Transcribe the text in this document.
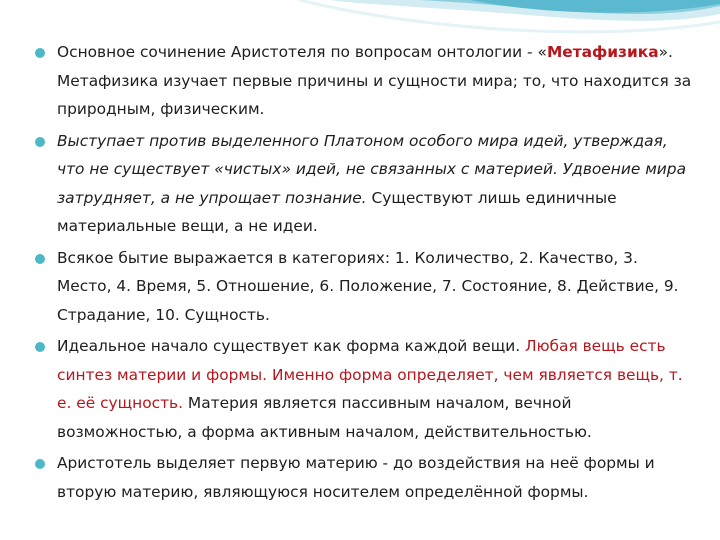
Основное сочинение Аристотеля по вопросам онтологии - «Метафизика». Метафизика изучает первые причины и сущности мира; то, что находится за природным, физическим.
Выступает против выделенного Платоном особого мира идей, утверждая, что не существует «чистых» идей, не связанных с материей. Удвоение мира затрудняет, а не упрощает познание. Существуют лишь единичные материальные вещи, а не идеи.
Всякое бытие выражается в категориях: 1. Количество, 2. Качество, 3. Место, 4. Время, 5. Отношение, 6. Положение, 7. Состояние, 8. Действие, 9. Страдание, 10. Сущность.
Идеальное начало существует как форма каждой вещи. Любая вещь есть синтез материи и формы. Именно форма определяет, чем является вещь, т. е. её сущность. Материя является пассивным началом, вечной возможностью, а форма активным началом, действительностью.
Аристотель выделяет первую материю - до воздействия на неё формы и вторую материю, являющуюся носителем определённой формы.
